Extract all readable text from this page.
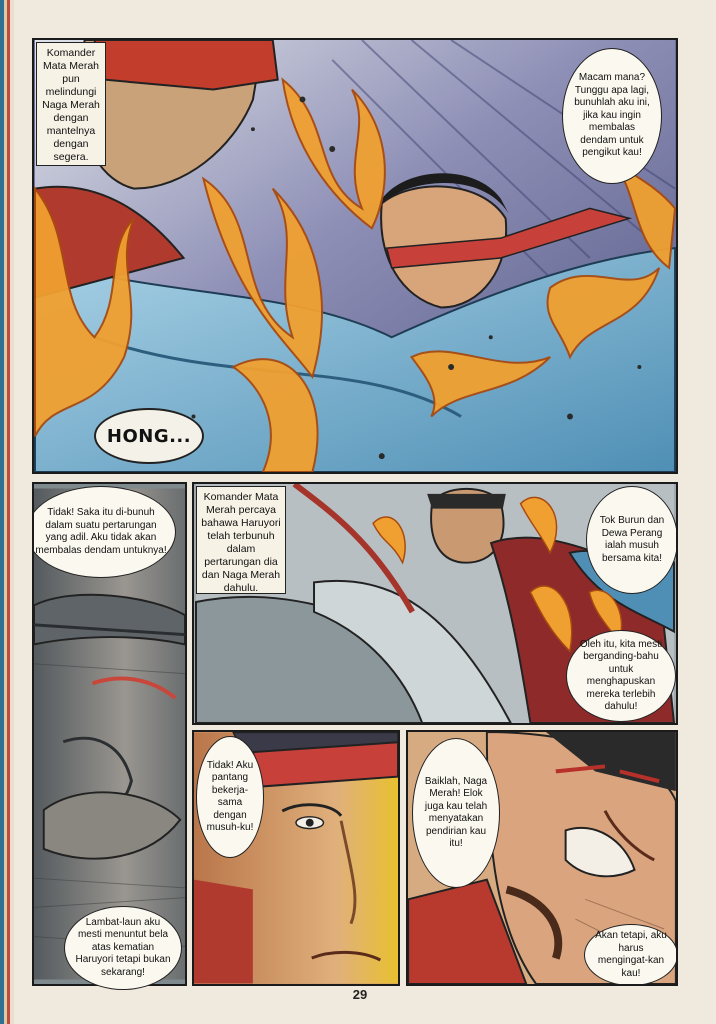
Komander Mata Merah pun melindungi Naga Merah dengan mantelnya dengan segera.
Macam mana? Tunggu apa lagi, bunuhlah aku ini, jika kau ingin membalas dendam untuk pengikut kau!
HONG...
Tidak! Saka itu di-bunuh dalam suatu pertarungan yang adil. Aku tidak akan membalas dendam untuknya!
Komander Mata Merah percaya bahawa Haruyori telah terbunuh dalam pertarungan dia dan Naga Merah dahulu.
Tok Burun dan Dewa Perang ialah musuh bersama kita!
Oleh itu, kita mesti berganding-bahu untuk menghapuskan mereka terlebih dahulu!
Tidak! Aku pantang bekerja-sama dengan musuh-ku!
Lambat-laun aku mesti menuntut bela atas kematian Haruyori tetapi bukan sekarang!
Baiklah, Naga Merah! Elok juga kau telah menyatakan pendirian kau itu!
Akan tetapi, aku harus mengingat-kan kau!
29
